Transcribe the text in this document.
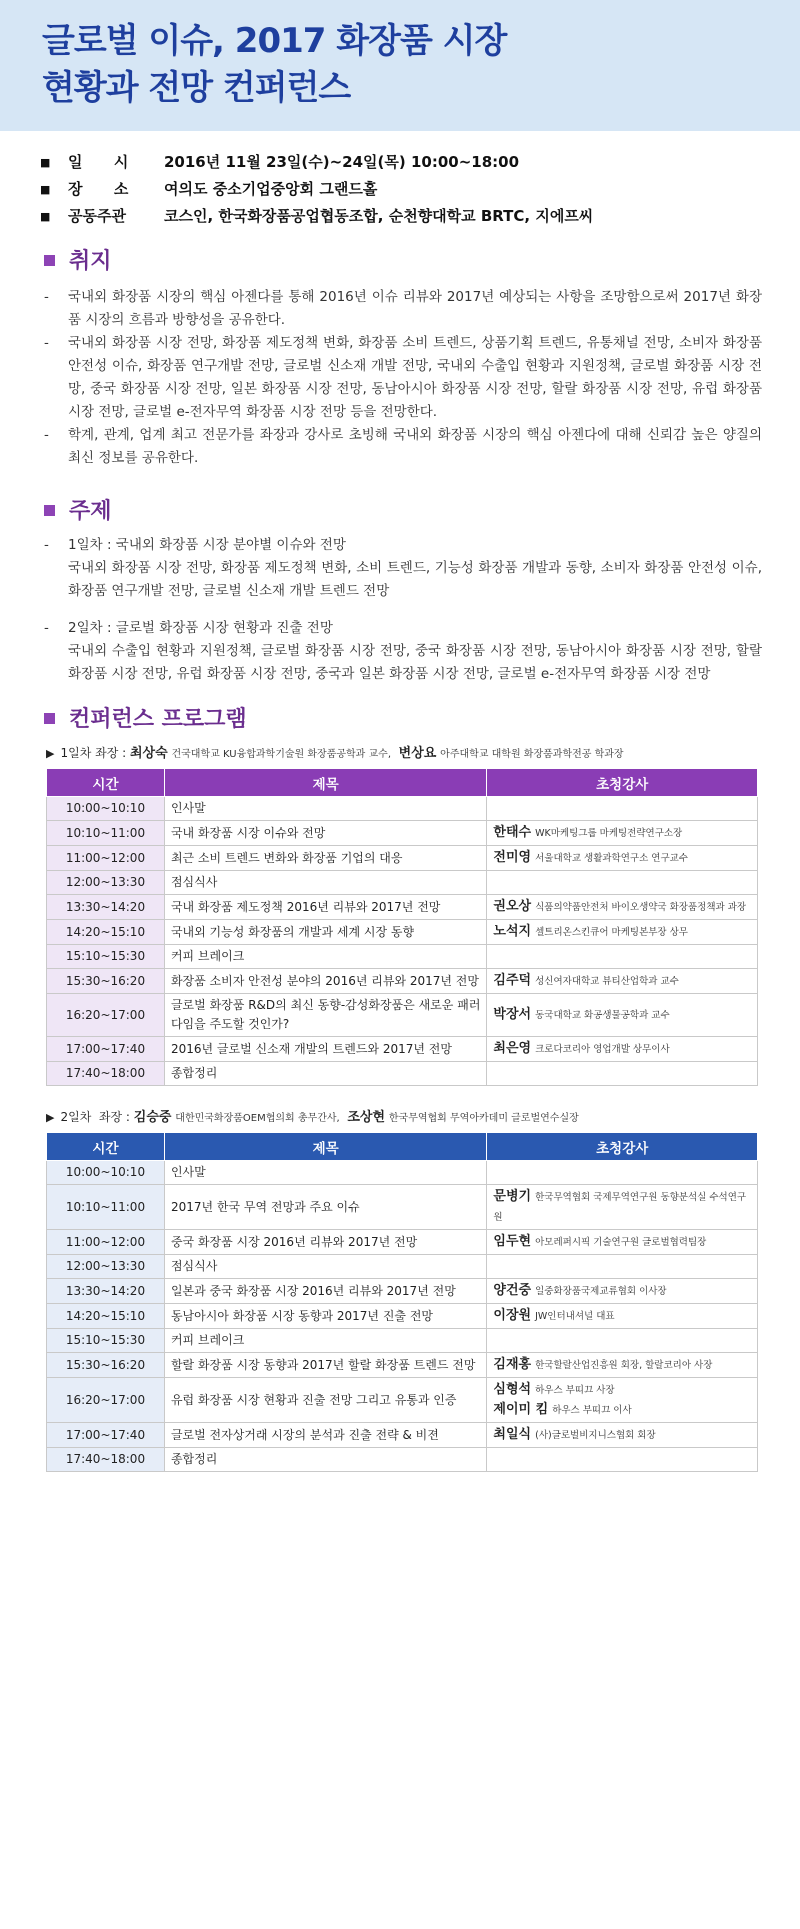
글로벌 이슈, 2017 화장품 시장
현황과 전망 컨퍼런스
■	일      시	2016년 11월 23일(수)~24일(목) 10:00~18:00
■	장      소	여의도 중소기업중앙회 그랜드홀
■	공동주관	코스인, 한국화장품공업협동조합, 순천향대학교 BRTC, 지에프씨
취지
-	국내외 화장품 시장의 핵심 아젠다를 통해 2016년 이슈 리뷰와 2017년 예상되는 사항을 조망함으로써 2017년 화장품 시장의 흐름과 방향성을 공유한다.
-	국내외 화장품 시장 전망, 화장품 제도정책 변화, 화장품 소비 트렌드, 상품기획 트렌드, 유통채널 전망, 소비자 화장품 안전성 이슈, 화장품 연구개발 전망, 글로벌 신소재 개발 전망, 국내외 수출입 현황과 지원정책, 글로벌 화장품 시장 전망, 중국 화장품 시장 전망, 일본 화장품 시장 전망, 동남아시아 화장품 시장 전망, 할랄 화장품 시장 전망, 유럽 화장품 시장 전망, 글로벌 e-전자무역 화장품 시장 전망 등을 전망한다.
-	학계, 관계, 업계 최고 전문가를 좌장과 강사로 초빙해 국내외 화장품 시장의 핵심 아젠다에 대해 신뢰감 높은 양질의 최신 정보를 공유한다.
주제
-	1일차 : 국내외 화장품 시장 분야별 이슈와 전망
국내외 화장품 시장 전망, 화장품 제도정책 변화, 소비 트렌드, 기능성 화장품 개발과 동향, 소비자 화장품 안전성 이슈, 화장품 연구개발 전망, 글로벌 신소재 개발 트렌드 전망
-	2일차 : 글로벌 화장품 시장 현황과 진출 전망
국내외 수출입 현황과 지원정책, 글로벌 화장품 시장 전망, 중국 화장품 시장 전망, 동남아시아 화장품 시장 전망, 할랄 화장품 시장 전망, 유럽 화장품 시장 전망, 중국과 일본 화장품 시장 전망, 글로벌 e-전자무역 화장품 시장 전망
컨퍼런스 프로그램
▶ 1일차 좌장 : 최상숙 건국대학교 KU융합과학기술원 화장품공학과 교수, 변상요 아주대학교 대학원 화장품과학전공 학과장
시간	제목	초청강사
10:00~10:10	인사말	
10:10~11:00	국내 화장품 시장 이슈와 전망	한태수 WK마케팅그룹 마케팅전략연구소장

11:00~12:00	최근 소비 트렌드 변화와 화장품 기업의 대응	전미영 서울대학교 생활과학연구소 연구교수

12:00~13:30	점심식사	
13:30~14:20	국내 화장품 제도정책 2016년 리뷰와 2017년 전망	권오상 식품의약품안전처 바이오생약국 화장품정책과 과장

14:20~15:10	국내외 기능성 화장품의 개발과 세계 시장 동향	노석지 셀트리온스킨큐어 마케팅본부장 상무

15:10~15:30	커피 브레이크	
15:30~16:20	화장품 소비자 안전성 분야의 2016년 리뷰와 2017년 전망	김주덕 성신여자대학교 뷰티산업학과 교수

16:20~17:00	글로벌 화장품 R&D의 최신 동향-감성화장품은 새로운 패러다임을 주도할 것인가?	박장서 동국대학교 화공생물공학과 교수

17:00~17:40	2016년 글로벌 신소재 개발의 트렌드와 2017년 전망	최은영 크로다코리아 영업개발 상무이사

17:40~18:00	종합정리	
▶ 2일차  좌장 : 김승중 대한민국화장품OEM협의회 총무간사, 조상현 한국무역협회 무역아카데미 글로벌연수실장
시간	제목	초청강사
10:00~10:10	인사말	
10:10~11:00	2017년 한국 무역 전망과 주요 이슈	문병기 한국무역협회 국제무역연구원 동향분석실 수석연구원

11:00~12:00	중국 화장품 시장 2016년 리뷰와 2017년 전망	임두현 아모레퍼시픽 기술연구원 글로벌협력팀장

12:00~13:30	점심식사	
13:30~14:20	일본과 중국 화장품 시장 2016년 리뷰와 2017년 전망	양건중 일중화장품국제교류협회 이사장

14:20~15:10	동남아시아 화장품 시장 동향과 2017년 진출 전망	이장원 JW인터내셔널 대표

15:10~15:30	커피 브레이크	
15:30~16:20	할랄 화장품 시장 동향과 2017년 할랄 화장품 트렌드 전망	김재홍 한국할랄산업진흥원 회장, 할랄코리아 사장

16:20~17:00	유럽 화장품 시장 현황과 진출 전망 그리고 유통과 인증	심형석 하우스 부띠끄 사장
제이미 킴 하우스 부띠끄 이사

17:00~17:40	글로벌 전자상거래 시장의 분석과 진출 전략 & 비젼	최일식 (사)글로벌비지니스협회 회장

17:40~18:00	종합정리	
